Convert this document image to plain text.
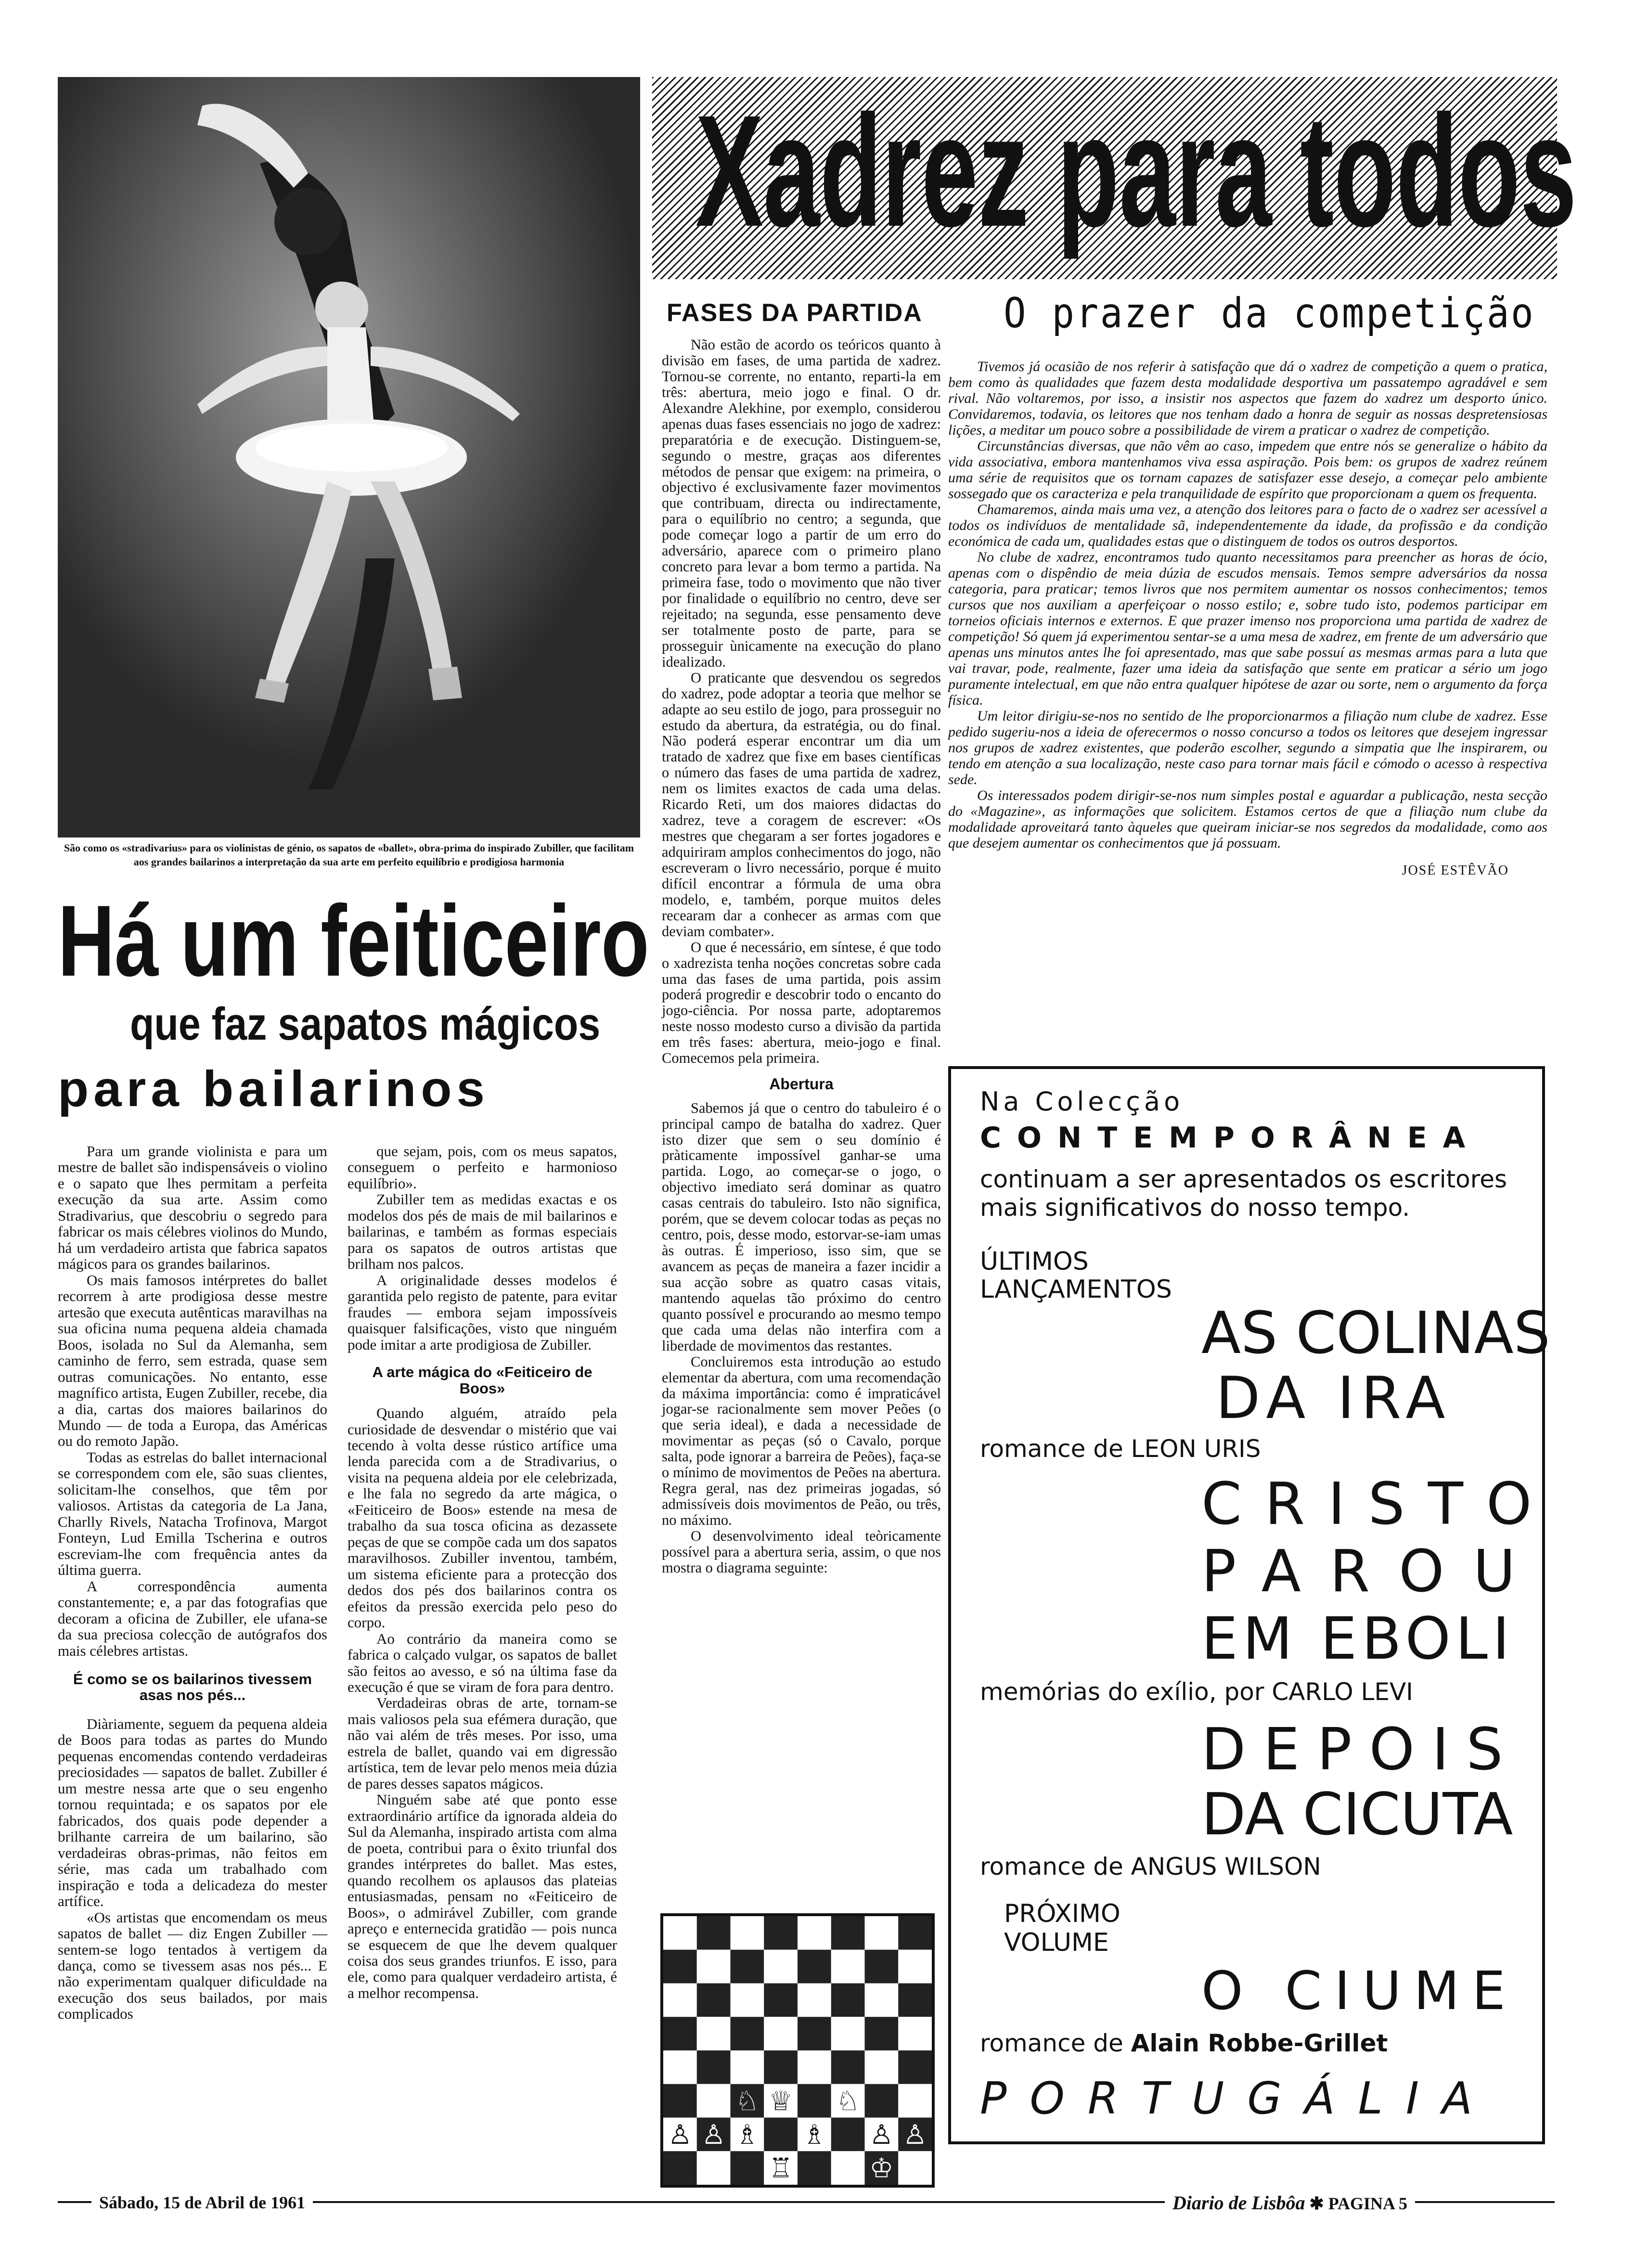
São como os «stradivarius» para os violinistas de génio, os sapatos de «ballet», obra-prima do inspirado Zubiller, que facilitam aos grandes bailarinos a interpretação da sua arte em perfeito equilíbrio e prodigiosa harmonia
Há um feiticeiro
que faz sapatos mágicos
para bailarinos

Para um grande violinista e para um mestre de ballet são indispensáveis o violino e o sapato que lhes permitam a perfeita execução da sua arte. Assim como Stradivarius, que descobriu o segredo para fabricar os mais célebres violinos do Mundo, há um verdadeiro artista que fabrica sapatos mágicos para os grandes bailarinos.

Os mais famosos intérpretes do ballet recorrem à arte prodigiosa desse mestre artesão que executa autênticas maravilhas na sua oficina numa pequena aldeia chamada Boos, isolada no Sul da Alemanha, sem caminho de ferro, sem estrada, quase sem outras comunicações. No entanto, esse magnífico artista, Eugen Zubiller, recebe, dia a dia, cartas dos maiores bailarinos do Mundo — de toda a Europa, das Américas ou do remoto Japão.

Todas as estrelas do ballet internacional se correspondem com ele, são suas clientes, solicitam-lhe conselhos, que têm por valiosos. Artistas da categoria de La Jana, Charlly Rivels, Natacha Trofinova, Margot Fonteyn, Lud Emilla Tscherina e outros escreviam-lhe com frequência antes da última guerra.

A correspondência aumenta constantemente; e, a par das fotografias que decoram a oficina de Zubiller, ele ufana-se da sua preciosa colecção de autógrafos dos mais célebres artistas.

É como se os bailarinos tivessem asas nos pés...

Diàriamente, seguem da pequena aldeia de Boos para todas as partes do Mundo pequenas encomendas contendo verdadeiras preciosidades — sapatos de ballet. Zubiller é um mestre nessa arte que o seu engenho tornou requintada; e os sapatos por ele fabricados, dos quais pode depender a brilhante carreira de um bailarino, são verdadeiras obras-primas, não feitos em série, mas cada um trabalhado com inspiração e toda a delicadeza do mester artífice.

«Os artistas que encomendam os meus sapatos de ballet — diz Engen Zubiller — sentem-se logo tentados à vertigem da dança, como se tivessem asas nos pés... E não experimentam qualquer dificuldade na execução dos seus bailados, por mais complicados

que sejam, pois, com os meus sapatos, conseguem o perfeito e harmonioso equilíbrio».

Zubiller tem as medidas exactas e os modelos dos pés de mais de mil bailarinos e bailarinas, e também as formas especiais para os sapatos de outros artistas que brilham nos palcos.

A originalidade desses modelos é garantida pelo registo de patente, para evitar fraudes — embora sejam impossíveis quaisquer falsificações, visto que ninguém pode imitar a arte prodigiosa de Zubiller.

A arte mágica do «Feiticeiro de Boos»

Quando alguém, atraído pela curiosidade de desvendar o mistério que vai tecendo à volta desse rústico artífice uma lenda parecida com a de Stradivarius, o visita na pequena aldeia por ele celebrizada, e lhe fala no segredo da arte mágica, o «Feiticeiro de Boos» estende na mesa de trabalho da sua tosca oficina as dezassete peças de que se compõe cada um dos sapatos maravilhosos. Zubiller inventou, também, um sistema eficiente para a protecção dos dedos dos pés dos bailarinos contra os efeitos da pressão exercida pelo peso do corpo.

Ao contrário da maneira como se fabrica o calçado vulgar, os sapatos de ballet são feitos ao avesso, e só na última fase da execução é que se viram de fora para dentro.

Verdadeiras obras de arte, tornam-se mais valiosos pela sua efémera duração, que não vai além de três meses. Por isso, uma estrela de ballet, quando vai em digressão artística, tem de levar pelo menos meia dúzia de pares desses sapatos mágicos.

Ninguém sabe até que ponto esse extraordinário artífice da ignorada aldeia do Sul da Alemanha, inspirado artista com alma de poeta, contribui para o êxito triunfal dos grandes intérpretes do ballet. Mas estes, quando recolhem os aplausos das plateias entusiasmadas, pensam no «Feiticeiro de Boos», o admirável Zubiller, com grande apreço e enternecida gratidão — pois nunca se esquecem de que lhe devem qualquer coisa dos seus grandes triunfos. E isso, para ele, como para qualquer verdadeiro artista, é a melhor recompensa.

Xadrez para todos
FASES DA PARTIDA

Não estão de acordo os teóricos quanto à divisão em fases, de uma partida de xadrez. Tornou-se corrente, no entanto, reparti-la em três: abertura, meio jogo e final. O dr. Alexandre Alekhine, por exemplo, considerou apenas duas fases essenciais no jogo de xadrez: preparatória e de execução. Distinguem-se, segundo o mestre, graças aos diferentes métodos de pensar que exigem: na primeira, o objectivo é exclusivamente fazer movimentos que contribuam, directa ou indirectamente, para o equilíbrio no centro; a segunda, que pode começar logo a partir de um erro do adversário, aparece com o primeiro plano concreto para levar a bom termo a partida. Na primeira fase, todo o movimento que não tiver por finalidade o equilíbrio no centro, deve ser rejeitado; na segunda, esse pensamento deve ser totalmente posto de parte, para se prosseguir ùnicamente na execução do plano idealizado.

O praticante que desvendou os segredos do xadrez, pode adoptar a teoria que melhor se adapte ao seu estilo de jogo, para prosseguir no estudo da abertura, da estratégia, ou do final. Não poderá esperar encontrar um dia um tratado de xadrez que fixe em bases científicas o número das fases de uma partida de xadrez, nem os limites exactos de cada uma delas. Ricardo Reti, um dos maiores didactas do xadrez, teve a coragem de escrever: «Os mestres que chegaram a ser fortes jogadores e adquiriram amplos conhecimentos do jogo, não escreveram o livro necessário, porque é muito difícil encontrar a fórmula de uma obra modelo, e, também, porque muitos deles recearam dar a conhecer as armas com que deviam combater».

O que é necessário, em síntese, é que todo o xadrezista tenha noções concretas sobre cada uma das fases de uma partida, pois assim poderá progredir e descobrir todo o encanto do jogo-ciência. Por nossa parte, adoptaremos neste nosso modesto curso a divisão da partida em três fases: abertura, meio-jogo e final. Comecemos pela primeira.

Abertura

Sabemos já que o centro do tabuleiro é o principal campo de batalha do xadrez. Quer isto dizer que sem o seu domínio é pràticamente impossível ganhar-se uma partida. Logo, ao começar-se o jogo, o objectivo imediato será dominar as quatro casas centrais do tabuleiro. Isto não significa, porém, que se devem colocar todas as peças no centro, pois, desse modo, estorvar-se-iam umas às outras. É imperioso, isso sim, que se avancem as peças de maneira a fazer incidir a sua acção sobre as quatro casas vitais, mantendo aquelas tão próximo do centro quanto possível e procurando ao mesmo tempo que cada uma delas não interfira com a liberdade de movimentos das restantes.

Concluiremos esta introdução ao estudo elementar da abertura, com uma recomendação da máxima importância: como é impraticável jogar-se racionalmente sem mover Peões (o que seria ideal), e dada a necessidade de movimentar as peças (só o Cavalo, porque salta, pode ignorar a barreira de Peões), faça-se o mínimo de movimentos de Peões na abertura. Regra geral, nas dez primeiras jogadas, só admissíveis dois movimentos de Peão, ou três, no máximo.

O desenvolvimento ideal teòricamente possível para a abertura seria, assim, o que nos mostra o diagrama seguinte:

♘ ♕ ♘
♙ ♙ ♗ ♗ ♙ ♙
♖	♔
O prazer da competição

Tivemos já ocasião de nos referir à satisfação que dá o xadrez de competição a quem o pratica, bem como às qualidades que fazem desta modalidade desportiva um passatempo agradável e sem rival. Não voltaremos, por isso, a insistir nos aspectos que fazem do xadrez um desporto único. Convidaremos, todavia, os leitores que nos tenham dado a honra de seguir as nossas despretensiosas lições, a meditar um pouco sobre a possibilidade de virem a praticar o xadrez de competição.

Circunstâncias diversas, que não vêm ao caso, impedem que entre nós se generalize o hábito da vida associativa, embora mantenhamos viva essa aspiração. Pois bem: os grupos de xadrez reúnem uma série de requisitos que os tornam capazes de satisfazer esse desejo, a começar pelo ambiente sossegado que os caracteriza e pela tranquilidade de espírito que proporcionam a quem os frequenta.

Chamaremos, ainda mais uma vez, a atenção dos leitores para o facto de o xadrez ser acessível a todos os indivíduos de mentalidade sã, independentemente da idade, da profissão e da condição económica de cada um, qualidades estas que o distinguem de todos os outros desportos.

No clube de xadrez, encontramos tudo quanto necessitamos para preencher as horas de ócio, apenas com o dispêndio de meia dúzia de escudos mensais. Temos sempre adversários da nossa categoria, para praticar; temos livros que nos permitem aumentar os nossos conhecimentos; temos cursos que nos auxiliam a aperfeiçoar o nosso estilo; e, sobre tudo isto, podemos participar em torneios oficiais internos e externos. E que prazer imenso nos proporciona uma partida de xadrez de competição! Só quem já experimentou sentar-se a uma mesa de xadrez, em frente de um adversário que apenas uns minutos antes lhe foi apresentado, mas que sabe possuí as mesmas armas para a luta que vai travar, pode, realmente, fazer uma ideia da satisfação que sente em praticar a sério um jogo puramente intelectual, em que não entra qualquer hipótese de azar ou sorte, nem o argumento da força física.

Um leitor dirigiu-se-nos no sentido de lhe proporcionarmos a filiação num clube de xadrez. Esse pedido sugeriu-nos a ideia de oferecermos o nosso concurso a todos os leitores que desejem ingressar nos grupos de xadrez existentes, que poderão escolher, segundo a simpatia que lhe inspirarem, ou tendo em atenção a sua localização, neste caso para tornar mais fácil e cómodo o acesso à respectiva sede.

Os interessados podem dirigir-se-nos num simples postal e aguardar a publicação, nesta secção do «Magazine», as informações que solicitem. Estamos certos de que a filiação num clube da modalidade aproveitará tanto àqueles que queiram iniciar-se nos segredos da modalidade, como aos que desejem aumentar os conhecimentos que já possuam.

JOSÉ ESTÊVÃO
Na Colecção
CONTEMPORÂNEA
continuam a ser apresentados os escritores mais significativos do nosso tempo.
ÚLTIMOS
LANÇAMENTOS
AS COLINAS
DA IRA
romance de LEON URIS
CRISTO
PAROU
EM EBOLI
memórias do exílio, por CARLO LEVI
DEPOIS
DA CICUTA
romance de ANGUS WILSON
PRÓXIMO
VOLUME
O CIUME
romance de Alain Robbe-Grillet
PORTUGÁLIA
Sábado, 15 de Abril de 1961	Diario de Lisbôa ✱ PAGINA 5
